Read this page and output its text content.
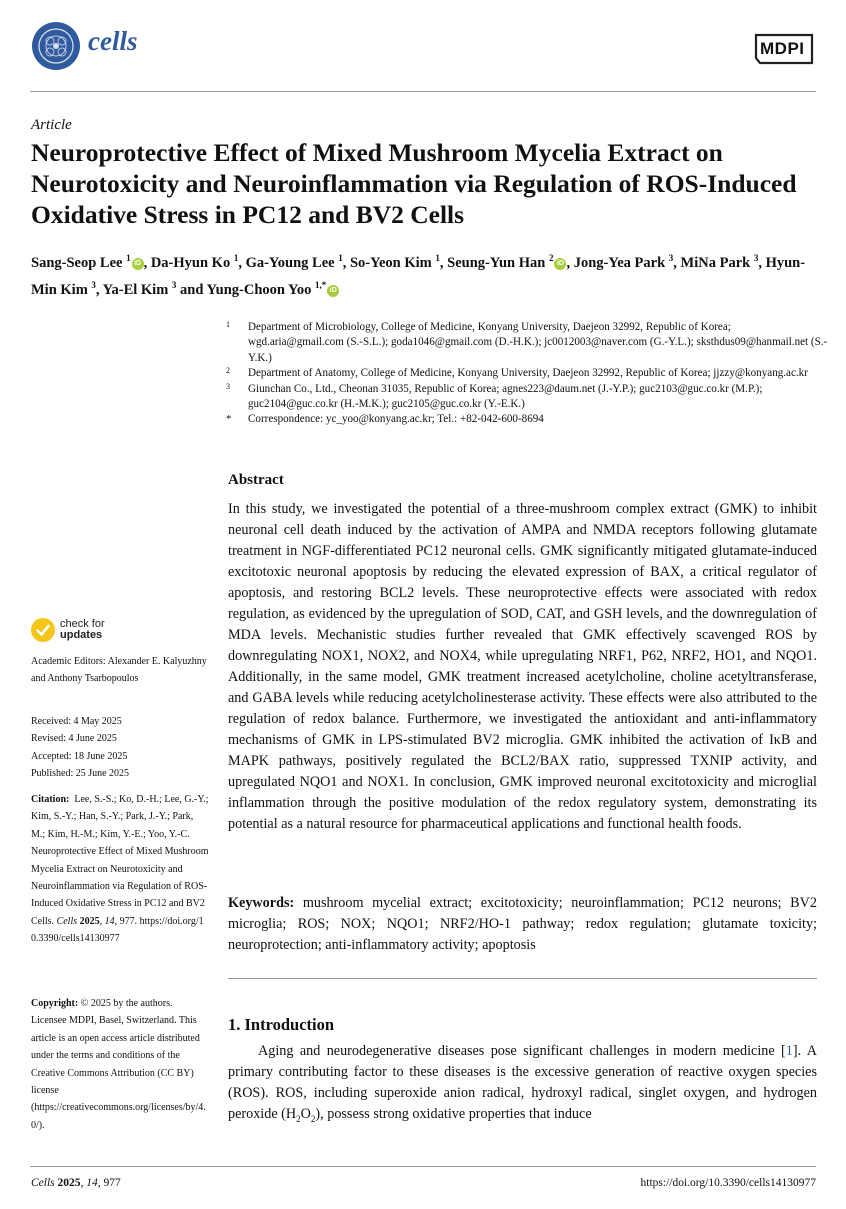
cells	MDPI
Article
Neuroprotective Effect of Mixed Mushroom Mycelia Extract on Neurotoxicity and Neuroinflammation via Regulation of ROS-Induced Oxidative Stress in PC12 and BV2 Cells
Sang-Seop Lee $^1$iD , Da-Hyun Ko $^1$, Ga-Young Lee $^1$, So-Yeon Kim $^1$, Seung-Yun Han $^2$iD , Jong-Yea Park $^3$, MiNa Park $^3$, Hyun-Min Kim $^3$, Ya-El Kim $^3$ and Yung-Choon Yoo $^{1,*}$iD
1 Department of Microbiology, College of Medicine, Konyang University, Daejeon 32992, Republic of Korea; wgd.aria@gmail.com (S.-S.L.); goda1046@gmail.com (D.-H.K.); jc0012003@naver.com (G.-Y.L.); sksthdus09@hanmail.net (S.-Y.K.)
2 Department of Anatomy, College of Medicine, Konyang University, Daejeon 32992, Republic of Korea; jjzzy@konyang.ac.kr
3 Giunchan Co., Ltd., Cheonan 31035, Republic of Korea; agnes223@daum.net (J.-Y.P.); guc2103@guc.co.kr (M.P.); guc2104@guc.co.kr (H.-M.K.); guc2105@guc.co.kr (Y.-E.K.)
* Correspondence: yc_yoo@konyang.ac.kr; Tel.: +82-042-600-8694
Abstract
In this study, we investigated the potential of a three-mushroom complex extract (GMK) to inhibit neuronal cell death induced by the activation of AMPA and NMDA receptors following glutamate treatment in NGF-differentiated PC12 neuronal cells. GMK significantly mitigated glutamate-induced excitotoxic neuronal apoptosis by reducing the elevated expression of BAX, a critical regulator of apoptosis, and restoring BCL2 levels. These neuroprotective effects were associated with redox regulation, as evidenced by the upregulation of SOD, CAT, and GSH levels, and the downregulation of MDA levels. Mechanistic studies further revealed that GMK effectively scavenged ROS by downregulating NOX1, NOX2, and NOX4, while upregulating NRF1, P62, NRF2, HO1, and NQO1. Additionally, in the same model, GMK treatment increased acetylcholine, choline acetyltransferase, and GABA levels while reducing acetylcholinesterase activity. These effects were also attributed to the regulation of redox balance. Furthermore, we investigated the antioxidant and anti-inflammatory mechanisms of GMK in LPS-stimulated BV2 microglia. GMK inhibited the activation of IκB and MAPK pathways, positively regulated the BCL2/BAX ratio, suppressed TXNIP activity, and upregulated NQO1 and NOX1. In conclusion, GMK improved neuronal excitotoxicity and microglial inflammation through the positive modulation of the redox regulatory system, demonstrating its potential as a natural resource for pharmaceutical applications and functional health foods.
Keywords: mushroom mycelial extract; excitotoxicity; neuroinflammation; PC12 neurons; BV2 microglia; ROS; NOX; NQO1; NRF2/HO-1 pathway; redox regulation; glutamate toxicity; neuroprotection; anti-inflammatory activity; apoptosis
1. Introduction

Aging and neurodegenerative diseases pose significant challenges in modern medicine [1]. A primary contributing factor to these diseases is the excessive generation of reactive oxygen species (ROS). ROS, including superoxide anion radical, hydroxyl radical, singlet oxygen, and hydrogen peroxide $(H_2O_2)$, possess strong oxidative properties that induce

check for
updates
Academic Editors: Alexander E. Kalyuzhny and Anthony Tsarbopoulos
Received: 4 May 2025
Revised: 4 June 2025
Accepted: 18 June 2025
Published: 25 June 2025
Citation: Lee, S.-S.; Ko, D.-H.; Lee, G.-Y.; Kim, S.-Y.; Han, S.-Y.; Park, J.-Y.; Park, M.; Kim, H.-M.; Kim, Y.-E.; Yoo, Y.-C. Neuroprotective Effect of Mixed Mushroom Mycelia Extract on Neurotoxicity and Neuroinflammation via Regulation of ROS-Induced Oxidative Stress in PC12 and BV2 Cells. Cells 2025, 14, 977. https://doi.org/10.3390/cells14130977
Copyright: © 2025 by the authors. Licensee MDPI, Basel, Switzerland. This article is an open access article distributed under the terms and conditions of the Creative Commons Attribution (CC BY) license (https://creativecommons.org/licenses/by/4.0/).
Cells 2025, 14, 977	https://doi.org/10.3390/cells14130977
